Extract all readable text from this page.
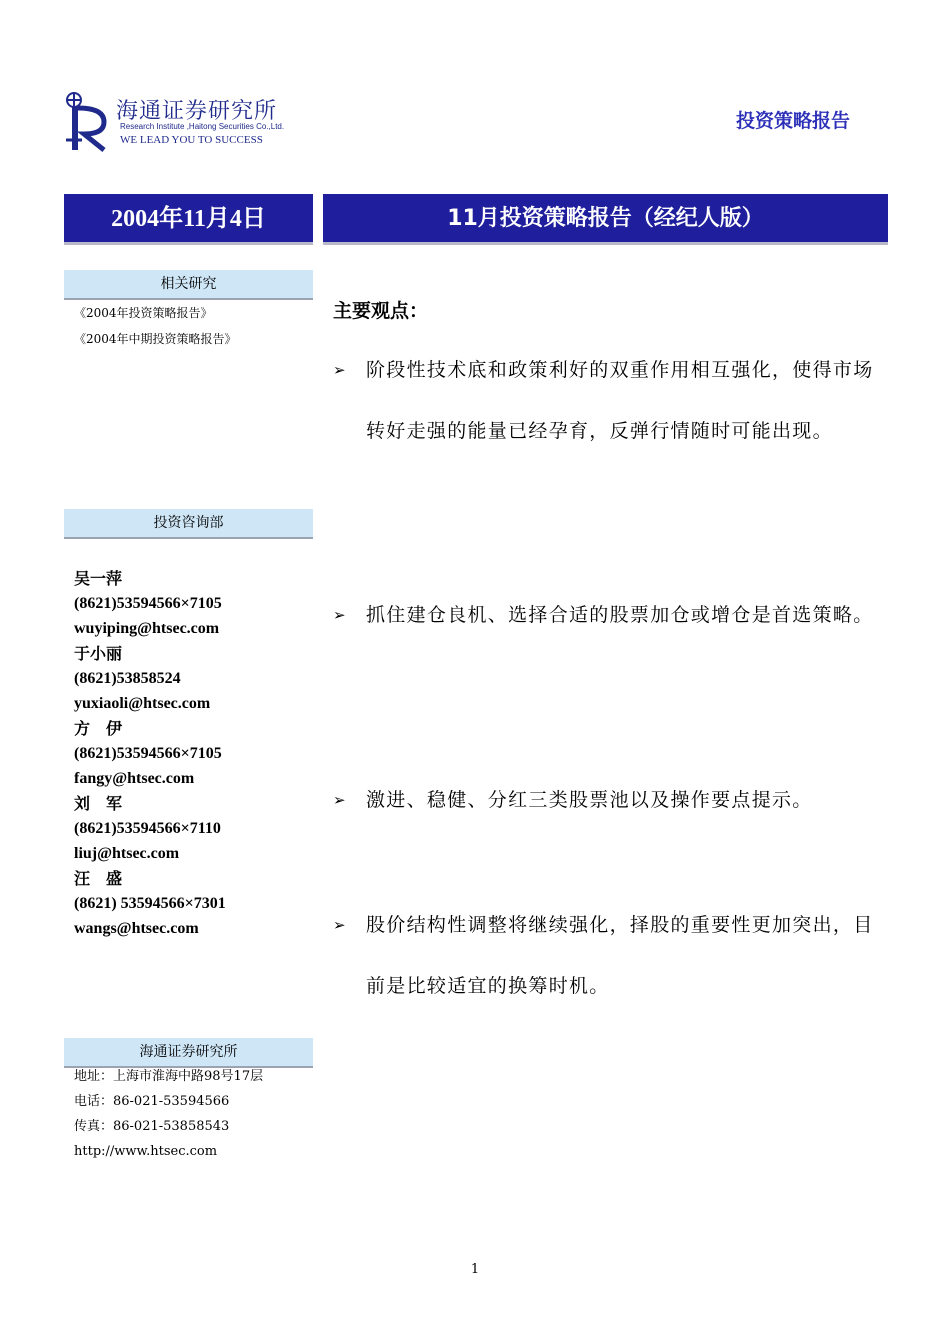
海通证券研究所
Research Institute ,Haitong Securities Co.,Ltd.
WE LEAD YOU TO SUCCESS
投资策略报告
2004年11月4日	11月投资策略报告（经纪人版）
相关研究
《2004年投资策略报告》
《2004年中期投资策略报告》
投资咨询部
吴一萍
(8621)53594566×7105
wuyiping@htsec.com
于小丽
(8621)53858524
yuxiaoli@htsec.com
方　伊
(8621)53594566×7105
fangy@htsec.com
刘　军
(8621)53594566×7110
liuj@htsec.com
汪　盛
(8621) 53594566×7301
wangs@htsec.com
海通证券研究所
地址：上海市淮海中路98号17层
电话：86-021-53594566
传真：86-021-53858543
http://www.htsec.com
主要观点：
➢	阶段性技术底和政策利好的双重作用相互强化，使得市场转好走强的能量已经孕育，反弹行情随时可能出现。
➢	抓住建仓良机、选择合适的股票加仓或增仓是首选策略。
➢	激进、稳健、分红三类股票池以及操作要点提示。
➢	股价结构性调整将继续强化，择股的重要性更加突出，目前是比较适宜的换筹时机。
1
